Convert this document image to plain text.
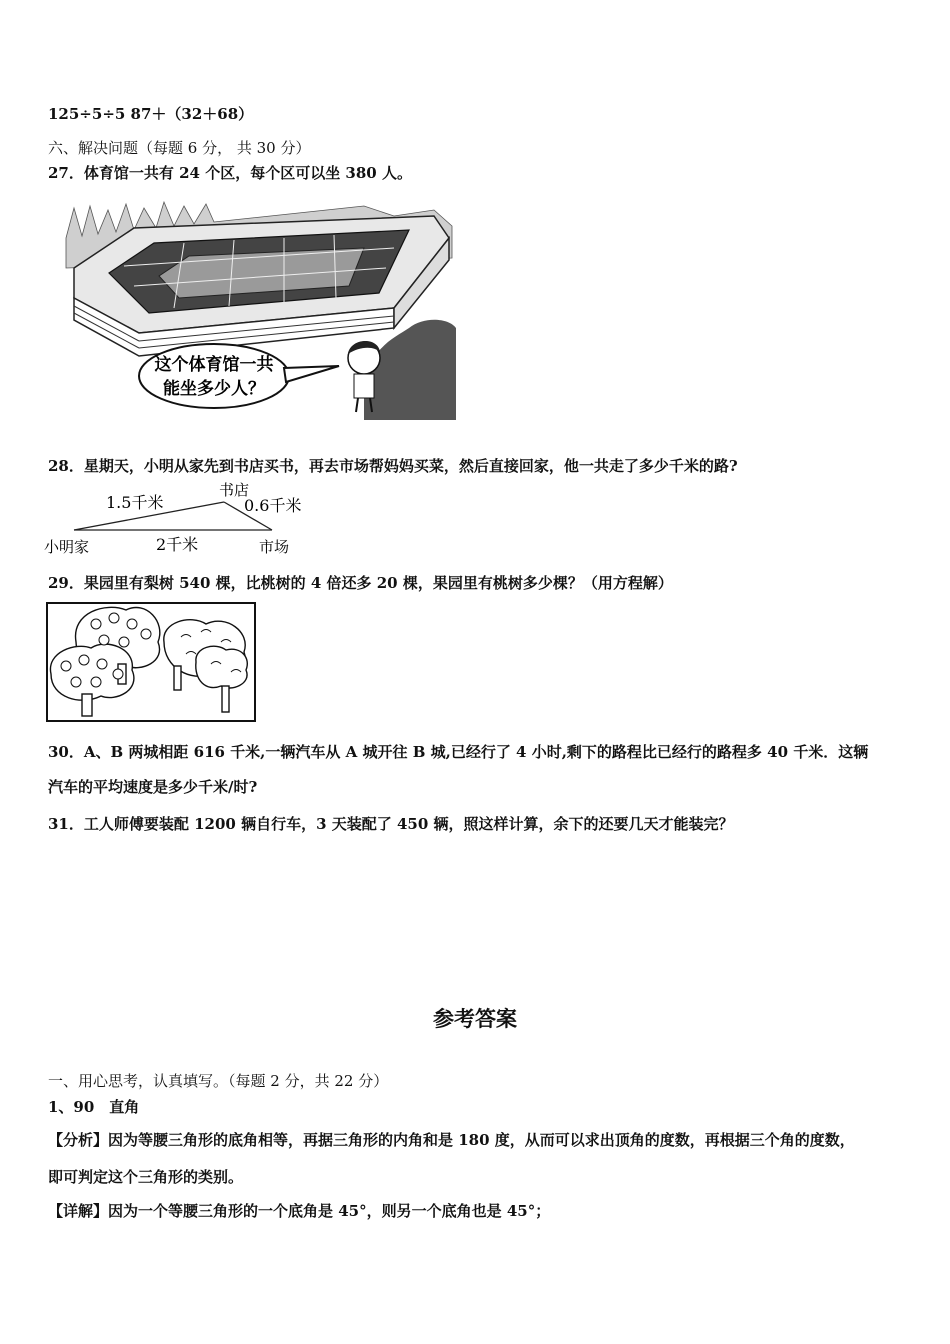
125÷5÷5 87＋（32＋68）
六、解决问题（每题 6 分， 共 30 分）
27．体育馆一共有 24 个区，每个区可以坐 380 人。
这个体育馆一共
能坐多少人？
28．星期天，小明从家先到书店买书，再去市场帮妈妈买菜，然后直接回家，他一共走了多少千米的路?
书店
1.5千米	0.6千米
小明家	2千米	市场
29．果园里有梨树 540 棵，比桃树的 4 倍还多 20 棵，果园里有桃树多少棵？（用方程解）
30．A、B 两城相距 616 千米,一辆汽车从 A 城开往 B 城,已经行了 4 小时,剩下的路程比已经行的路程多 40 千米．这辆
汽车的平均速度是多少千米/时?
31．工人师傅要装配 1200 辆自行车，3 天装配了 450 辆，照这样计算，余下的还要几天才能装完？
参考答案
一、用心思考，认真填写。（每题 2 分，共 22 分）
1、90　直角
【分析】因为等腰三角形的底角相等，再据三角形的内角和是 180 度，从而可以求出顶角的度数，再根据三个角的度数，
即可判定这个三角形的类别。
【详解】因为一个等腰三角形的一个底角是 45°，则另一个底角也是 45°；
